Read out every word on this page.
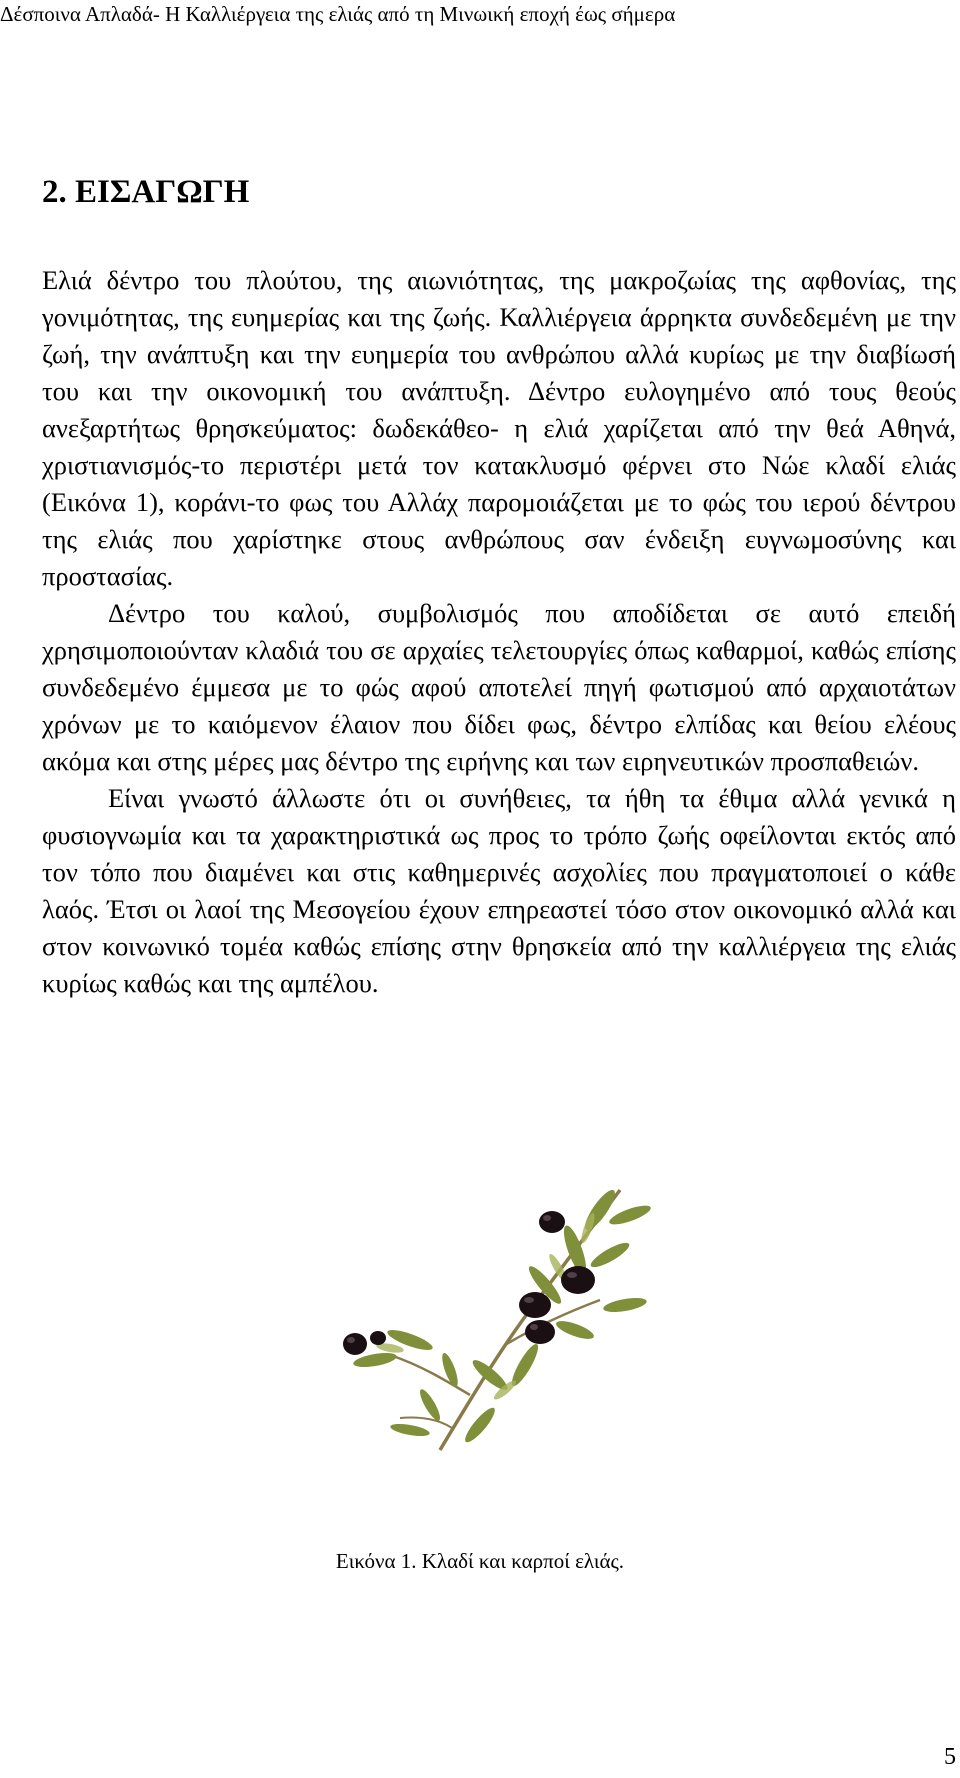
Δέσποινα Απλαδά- Η Καλλιέργεια της ελιάς από τη Μινωική εποχή έως σήμερα
2. ΕΙΣΑΓΩΓΗ

Ελιά δέντρο του πλούτου, της αιωνιότητας, της μακροζωίας της αφθονίας, της γονιμότητας, της ευημερίας και της ζωής. Καλλιέργεια άρρηκτα συνδεδεμένη με την ζωή, την ανάπτυξη και την ευημερία του ανθρώπου αλλά κυρίως με την διαβίωσή του και την οικονομική του ανάπτυξη. Δέντρο ευλογημένο από τους θεούς ανεξαρτήτως θρησκεύματος: δωδεκάθεο- η ελιά χαρίζεται από την θεά Αθηνά, χριστιανισμός-το περιστέρι μετά τον κατακλυσμό φέρνει στο Νώε κλαδί ελιάς (Εικόνα 1), κοράνι-το φως του Αλλάχ παρομοιάζεται με το φώς του ιερού δέντρου της ελιάς που χαρίστηκε στους ανθρώπους σαν ένδειξη ευγνωμοσύνης και προστασίας.

Δέντρο του καλού, συμβολισμός που αποδίδεται σε αυτό επειδή χρησιμοποιούνταν κλαδιά του σε αρχαίες τελετουργίες όπως καθαρμοί, καθώς επίσης συνδεδεμένο έμμεσα με το φώς αφού αποτελεί πηγή φωτισμού από αρχαιοτάτων χρόνων με το καιόμενον έλαιον που δίδει φως, δέντρο ελπίδας και θείου ελέους ακόμα και στης μέρες μας δέντρο της ειρήνης και των ειρηνευτικών προσπαθειών.

Είναι γνωστό άλλωστε ότι οι συνήθειες, τα ήθη τα έθιμα αλλά γενικά η φυσιογνωμία και τα χαρακτηριστικά ως προς το τρόπο ζωής οφείλονται εκτός από τον τόπο που διαμένει και στις καθημερινές ασχολίες που πραγματοποιεί ο κάθε λαός. Έτσι οι λαοί της Μεσογείου έχουν επηρεαστεί τόσο στον οικονομικό αλλά και στον κοινωνικό τομέα καθώς επίσης στην θρησκεία από την καλλιέργεια της ελιάς κυρίως καθώς και της αμπέλου.

Εικόνα 1. Κλαδί και καρποί ελιάς.
5
